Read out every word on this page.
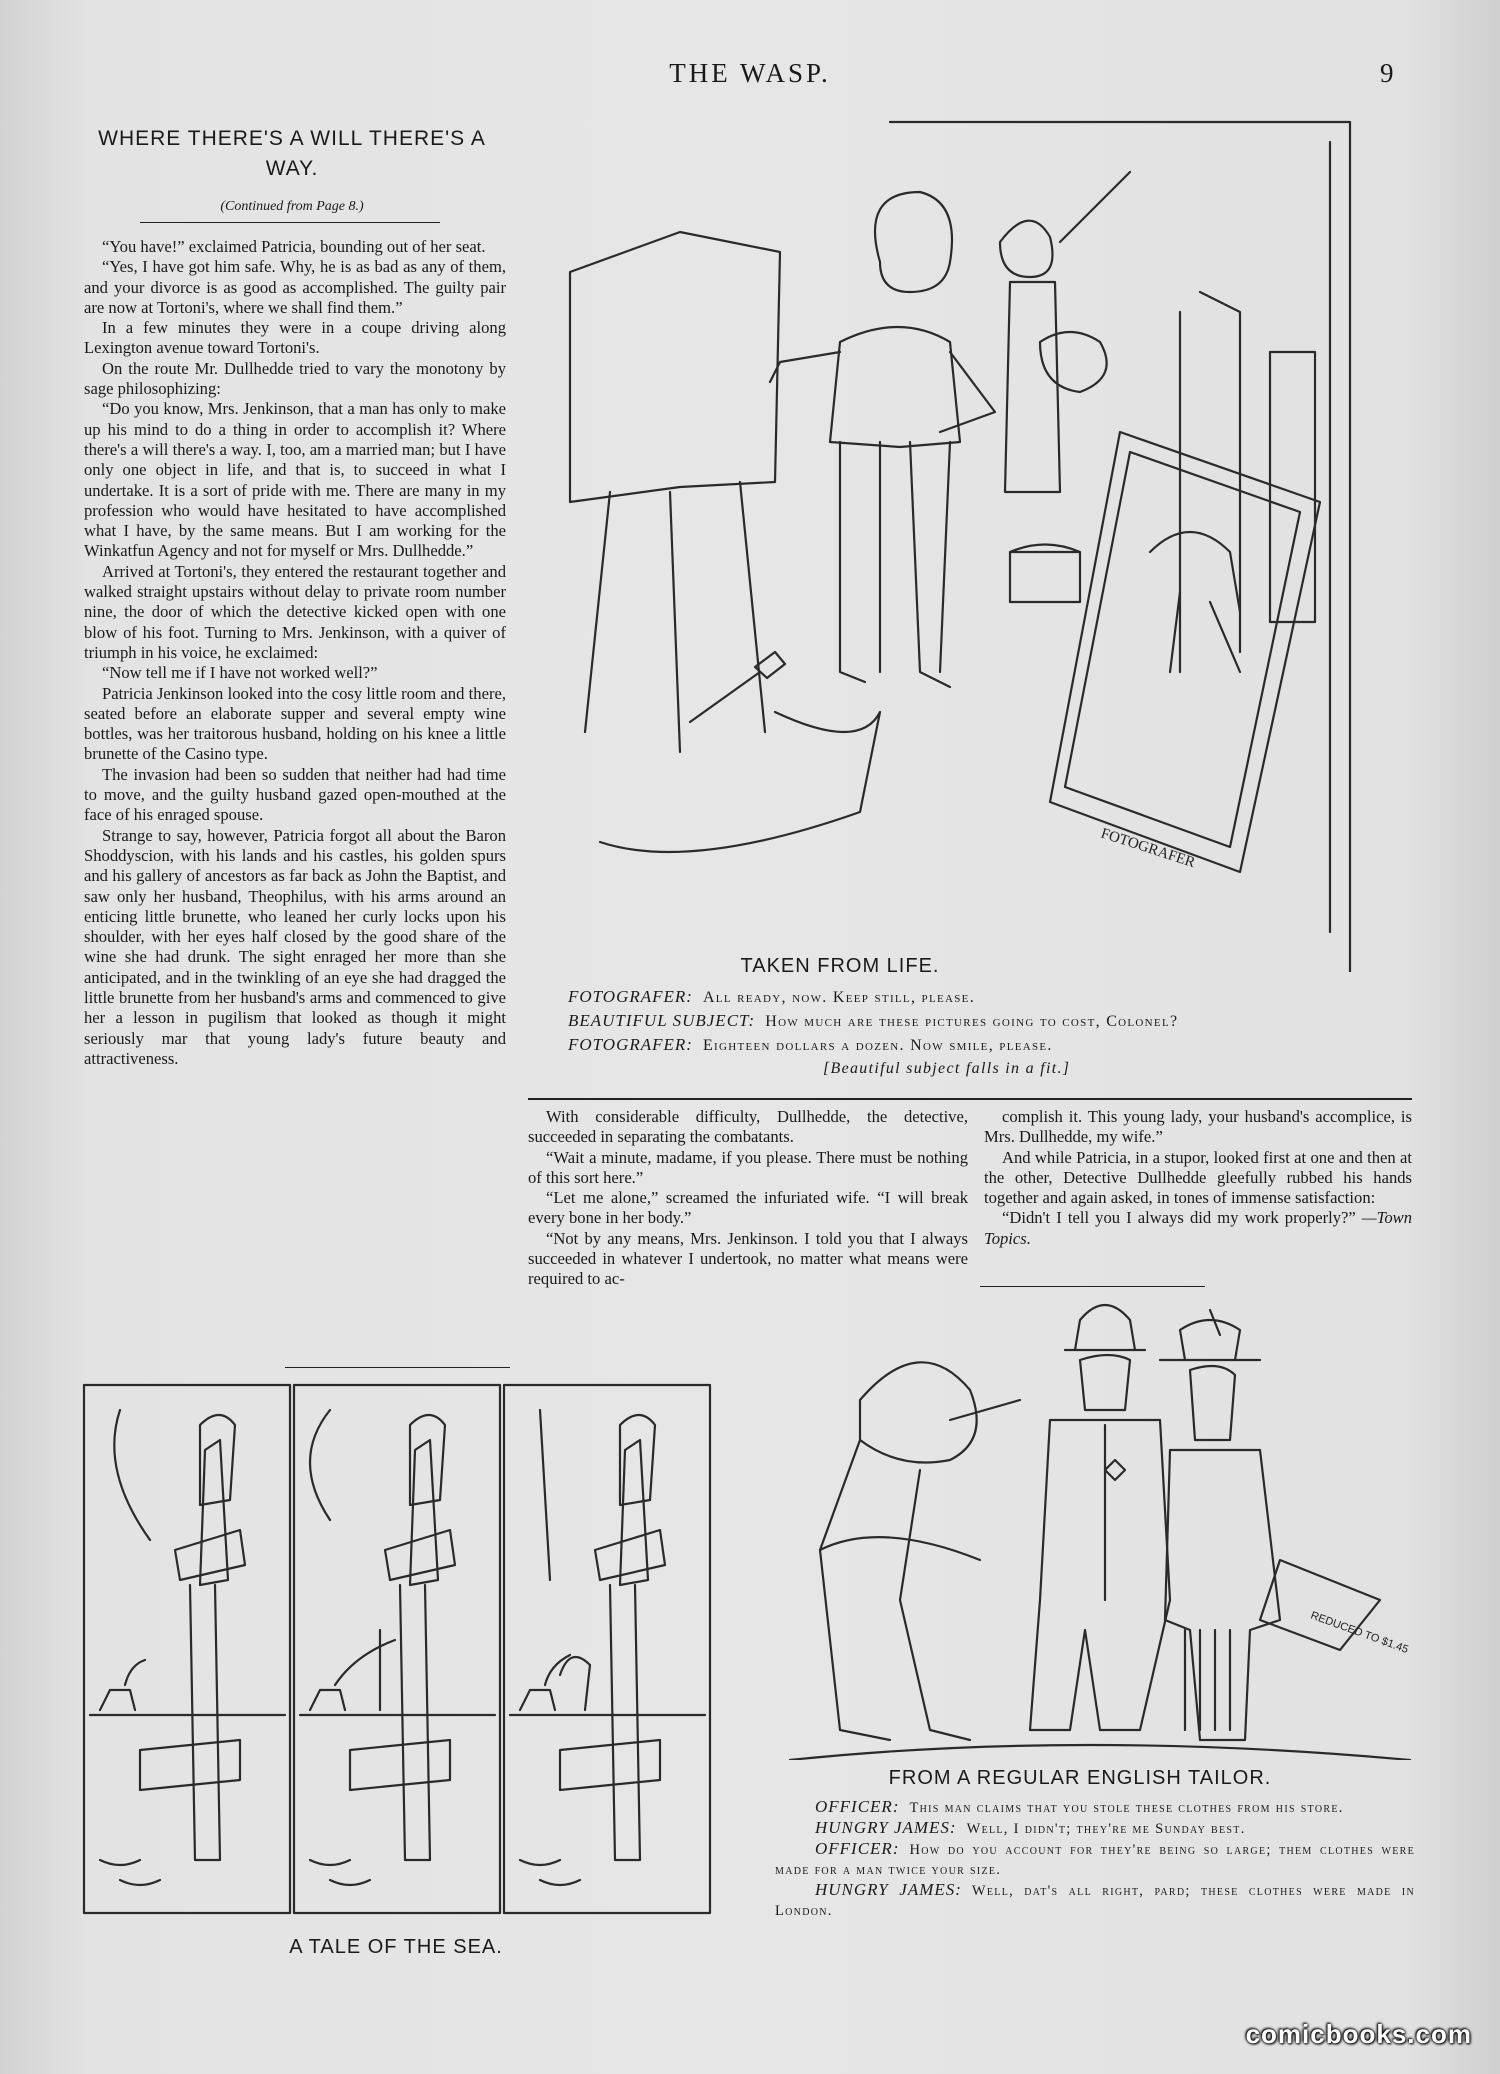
THE WASP.	9
WHERE THERE'S A WILL THERE'S A WAY.
(Continued from Page 8.)

“You have!” exclaimed Patricia, bounding out of her seat.

“Yes, I have got him safe. Why, he is as bad as any of them, and your divorce is as good as accomplished. The guilty pair are now at Tortoni's, where we shall find them.”

In a few minutes they were in a coupe driving along Lexington avenue toward Tortoni's.

On the route Mr. Dullhedde tried to vary the monotony by sage philosophizing:

“Do you know, Mrs. Jenkinson, that a man has only to make up his mind to do a thing in order to accomplish it? Where there's a will there's a way. I, too, am a married man; but I have only one object in life, and that is, to succeed in what I undertake. It is a sort of pride with me. There are many in my profession who would have hesitated to have accomplished what I have, by the same means. But I am working for the Winkatfun Agency and not for myself or Mrs. Dullhedde.”

Arrived at Tortoni's, they entered the restaurant together and walked straight upstairs without delay to private room number nine, the door of which the detective kicked open with one blow of his foot. Turning to Mrs. Jenkinson, with a quiver of triumph in his voice, he exclaimed:

“Now tell me if I have not worked well?”

Patricia Jenkinson looked into the cosy little room and there, seated before an elaborate supper and several empty wine bottles, was her traitorous husband, holding on his knee a little brunette of the Casino type.

The invasion had been so sudden that neither had had time to move, and the guilty husband gazed open-mouthed at the face of his enraged spouse.

Strange to say, however, Patricia forgot all about the Baron Shoddyscion, with his lands and his castles, his golden spurs and his gallery of ancestors as far back as John the Baptist, and saw only her husband, Theophilus, with his arms around an enticing little brunette, who leaned her curly locks upon his shoulder, with her eyes half closed by the good share of the wine she had drunk. The sight enraged her more than she anticipated, and in the twinkling of an eye she had dragged the little brunette from her husband's arms and commenced to give her a lesson in pugilism that looked as though it might seriously mar that young lady's future beauty and attractiveness.

FOTOGRAFER
TAKEN FROM LIFE.
FOTOGRAFER: All ready, now. Keep still, please.
BEAUTIFUL SUBJECT: How much are these pictures going to cost, Colonel?
FOTOGRAFER: Eighteen dollars a dozen. Now smile, please.
[Beautiful subject falls in a fit.]

With considerable difficulty, Dullhedde, the detective, succeeded in separating the combatants.

“Wait a minute, madame, if you please. There must be nothing of this sort here.”

“Let me alone,” screamed the infuriated wife. “I will break every bone in her body.”

“Not by any means, Mrs. Jenkinson. I told you that I always succeeded in whatever I undertook, no matter what means were required to ac-

complish it. This young lady, your husband's accomplice, is Mrs. Dullhedde, my wife.”

And while Patricia, in a stupor, looked first at one and then at the other, Detective Dullhedde gleefully rubbed his hands together and again asked, in tones of immense satisfaction:

“Didn't I tell you I always did my work properly?” —Town Topics.

A TALE OF THE SEA.
REDUCED TO $1.45
FROM A REGULAR ENGLISH TAILOR.
OFFICER: This man claims that you stole these clothes from his store.
HUNGRY JAMES: Well, I didn't; they're me Sunday best.
OFFICER: How do you account for they're being so large; them clothes were made for a man twice your size.
HUNGRY JAMES: Well, dat's all right, pard; these clothes were made in London.
comicbooks.com
